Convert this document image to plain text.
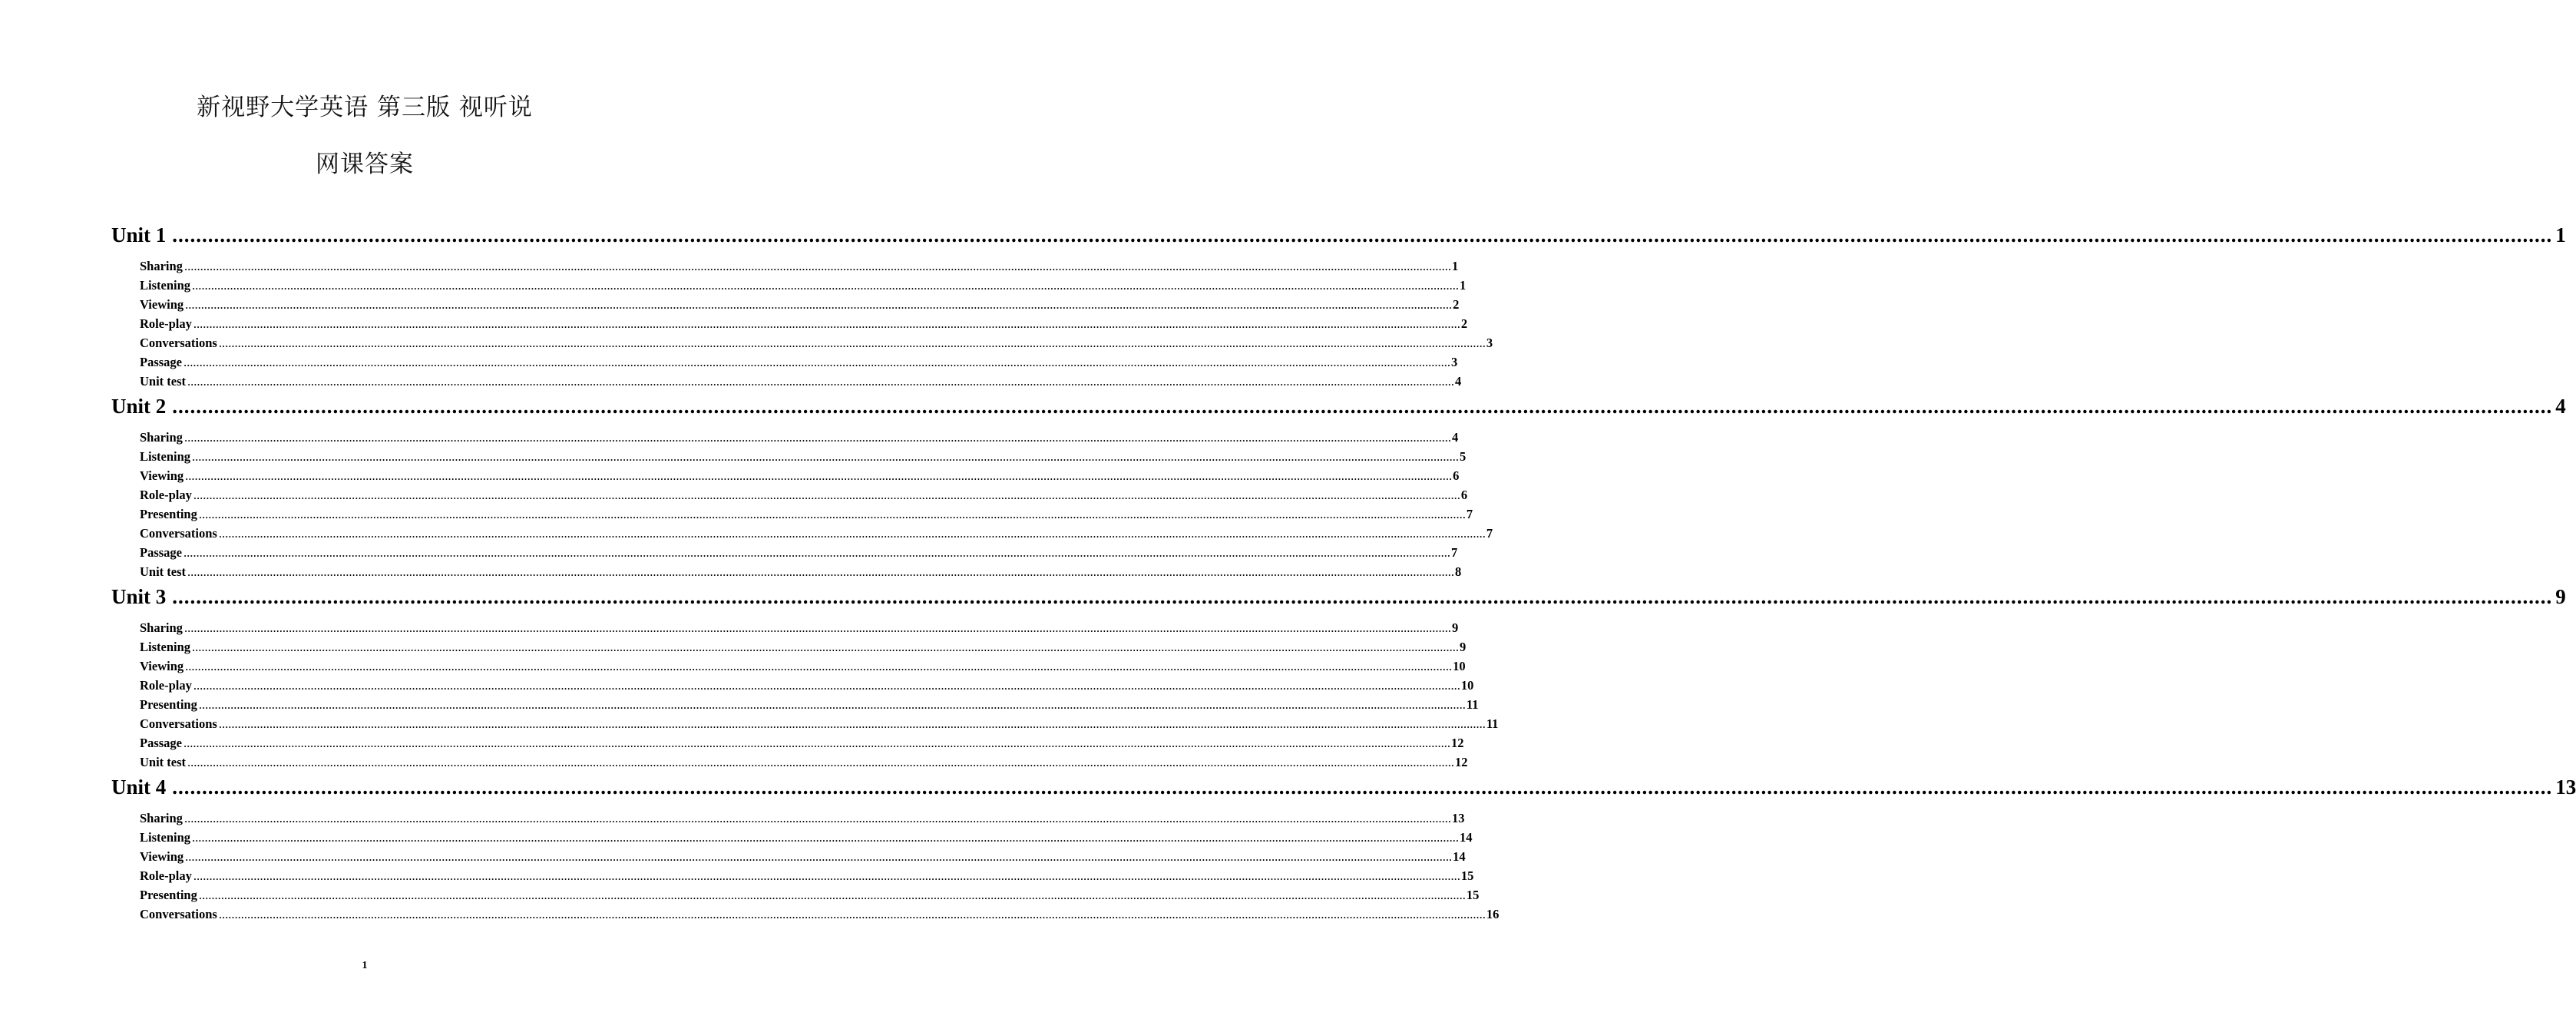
新视野大学英语 第三版 视听说
网课答案
Unit 1 ................................................................................................................................................................................................................................................................................................................................................................................................................ 1
Sharing ................................................................................................................................................................................................................................................................................................................................................................................................................ 1
Listening ................................................................................................................................................................................................................................................................................................................................................................................................................ 1
Viewing ................................................................................................................................................................................................................................................................................................................................................................................................................ 2
Role-play ................................................................................................................................................................................................................................................................................................................................................................................................................ 2
Conversations ................................................................................................................................................................................................................................................................................................................................................................................................................ 3
Passage ................................................................................................................................................................................................................................................................................................................................................................................................................ 3
Unit test ................................................................................................................................................................................................................................................................................................................................................................................................................ 4
Unit 2 ................................................................................................................................................................................................................................................................................................................................................................................................................ 4
Sharing ................................................................................................................................................................................................................................................................................................................................................................................................................ 4
Listening ................................................................................................................................................................................................................................................................................................................................................................................................................ 5
Viewing ................................................................................................................................................................................................................................................................................................................................................................................................................ 6
Role-play ................................................................................................................................................................................................................................................................................................................................................................................................................ 6
Presenting ................................................................................................................................................................................................................................................................................................................................................................................................................ 7
Conversations ................................................................................................................................................................................................................................................................................................................................................................................................................ 7
Passage ................................................................................................................................................................................................................................................................................................................................................................................................................ 7
Unit test ................................................................................................................................................................................................................................................................................................................................................................................................................ 8
Unit 3 ................................................................................................................................................................................................................................................................................................................................................................................................................ 9
Sharing ................................................................................................................................................................................................................................................................................................................................................................................................................ 9
Listening ................................................................................................................................................................................................................................................................................................................................................................................................................ 9
Viewing ................................................................................................................................................................................................................................................................................................................................................................................................................ 10
Role-play ................................................................................................................................................................................................................................................................................................................................................................................................................ 10
Presenting ................................................................................................................................................................................................................................................................................................................................................................................................................ 11
Conversations ................................................................................................................................................................................................................................................................................................................................................................................................................ 11
Passage ................................................................................................................................................................................................................................................................................................................................................................................................................ 12
Unit test ................................................................................................................................................................................................................................................................................................................................................................................................................ 12
Unit 4 ................................................................................................................................................................................................................................................................................................................................................................................................................ 13
Sharing ................................................................................................................................................................................................................................................................................................................................................................................................................ 13
Listening ................................................................................................................................................................................................................................................................................................................................................................................................................ 14
Viewing ................................................................................................................................................................................................................................................................................................................................................................................................................ 14
Role-play ................................................................................................................................................................................................................................................................................................................................................................................................................ 15
Presenting ................................................................................................................................................................................................................................................................................................................................................................................................................ 15
Conversations ................................................................................................................................................................................................................................................................................................................................................................................................................ 16
1
